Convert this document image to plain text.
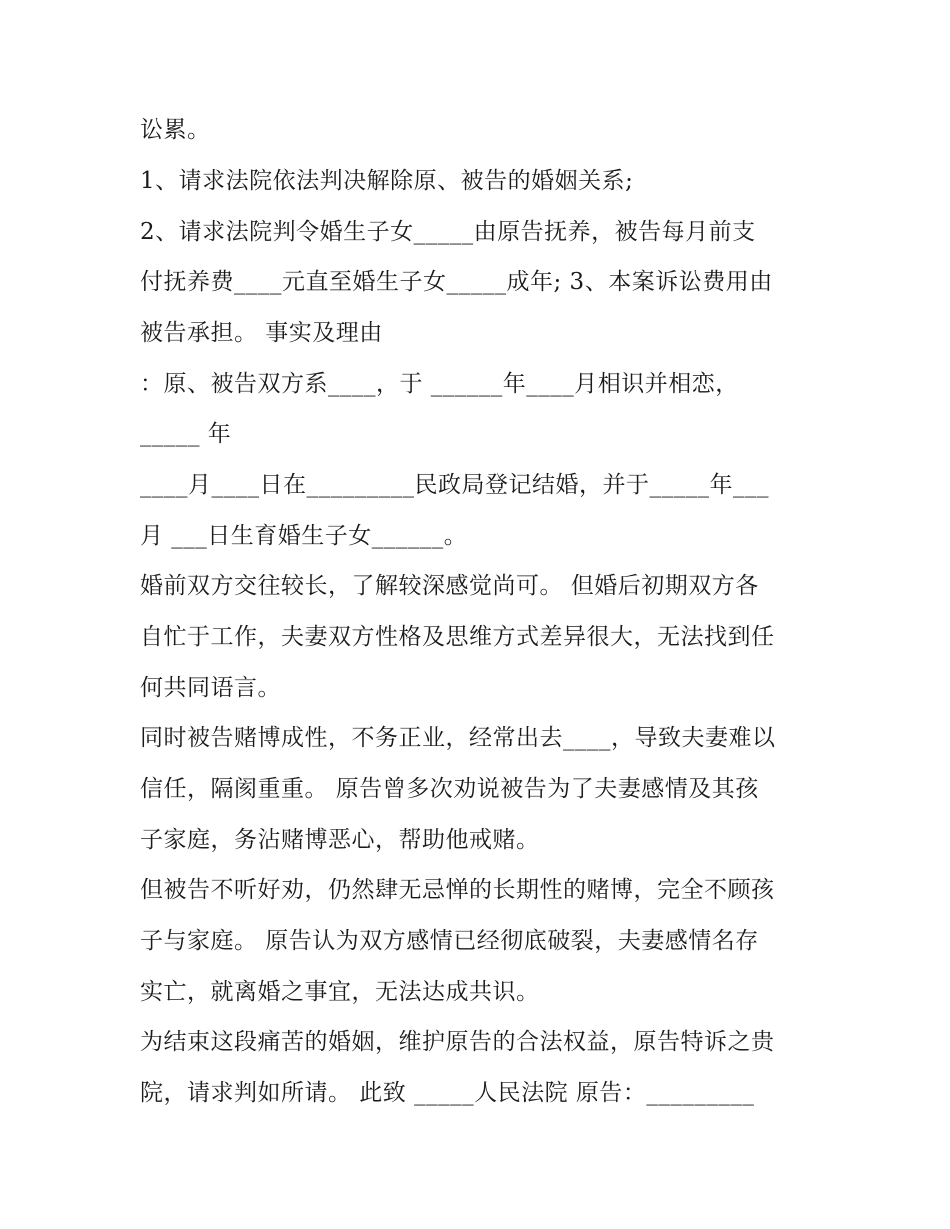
讼累。

1、请求法院依法判决解除原、被告的婚姻关系;

2、请求法院判令婚生子女_____由原告抚养，被告每月前支

付抚养费____元直至婚生子女_____成年; 3、本案诉讼费用由

被告承担。 事实及理由

：原、被告双方系____，于 ______年____月相识并相恋，

_____ 年

____月____日在_________民政局登记结婚，并于_____年___

月 ___日生育婚生子女______。

婚前双方交往较长，了解较深感觉尚可。 但婚后初期双方各

自忙于工作，夫妻双方性格及思维方式差异很大，无法找到任

何共同语言。

同时被告赌博成性，不务正业，经常出去____，导致夫妻难以

信任，隔阂重重。 原告曾多次劝说被告为了夫妻感情及其孩

子家庭，务沾赌博恶心，帮助他戒赌。

但被告不听好劝，仍然肆无忌惮的长期性的赌博，完全不顾孩

子与家庭。 原告认为双方感情已经彻底破裂，夫妻感情名存

实亡，就离婚之事宜，无法达成共识。

为结束这段痛苦的婚姻，维护原告的合法权益，原告特诉之贵

院，请求判如所请。 此致 _____人民法院 原告：_________
